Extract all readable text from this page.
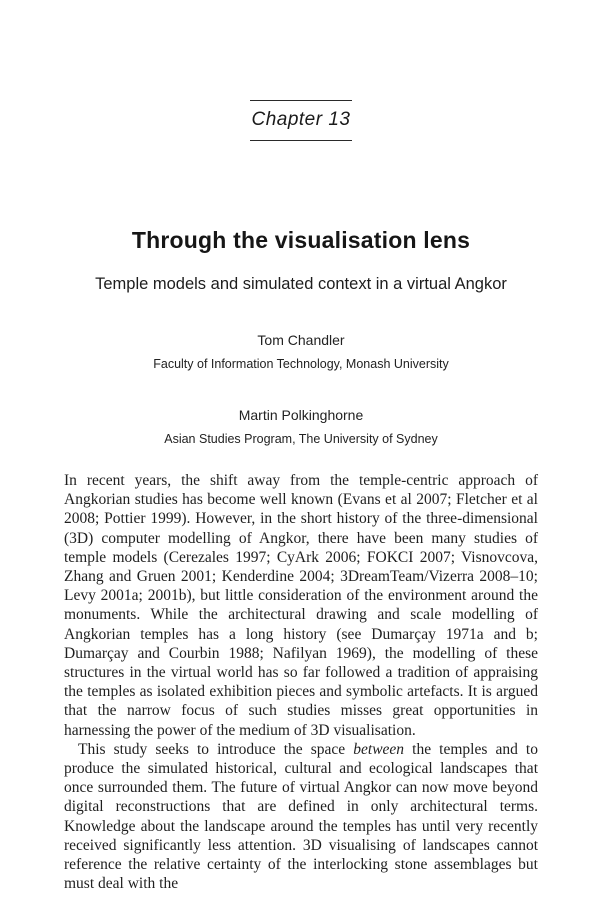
Chapter 13
Through the visualisation lens
Temple models and simulated context in a virtual Angkor
Tom Chandler
Faculty of Information Technology, Monash University
Martin Polkinghorne
Asian Studies Program, The University of Sydney

In recent years, the shift away from the temple-centric approach of Angkorian studies has become well known (Evans et al 2007; Fletcher et al 2008; Pottier 1999). However, in the short history of the three-dimensional (3D) computer modelling of Angkor, there have been many studies of temple models (Cerezales 1997; CyArk 2006; FOKCI 2007; Visnovcova, Zhang and Gruen 2001; Kenderdine 2004; 3DreamTeam/Vizerra 2008–10; Levy 2001a; 2001b), but little consideration of the environment around the monuments. While the architectural drawing and scale modelling of Angkorian temples has a long history (see Dumarçay 1971a and b; Dumarçay and Courbin 1988; Nafilyan 1969), the modelling of these structures in the virtual world has so far followed a tradition of appraising the temples as isolated exhibition pieces and symbolic artefacts. It is argued that the narrow focus of such studies misses great opportunities in harnessing the power of the medium of 3D visualisation.

This study seeks to introduce the space between the temples and to produce the simulated historical, cultural and ecological landscapes that once surrounded them. The future of virtual Angkor can now move beyond digital reconstructions that are defined in only architectural terms. Knowledge about the landscape around the temples has until very recently received significantly less attention. 3D visualising of landscapes cannot reference the relative certainty of the interlocking stone assemblages but must deal with the
